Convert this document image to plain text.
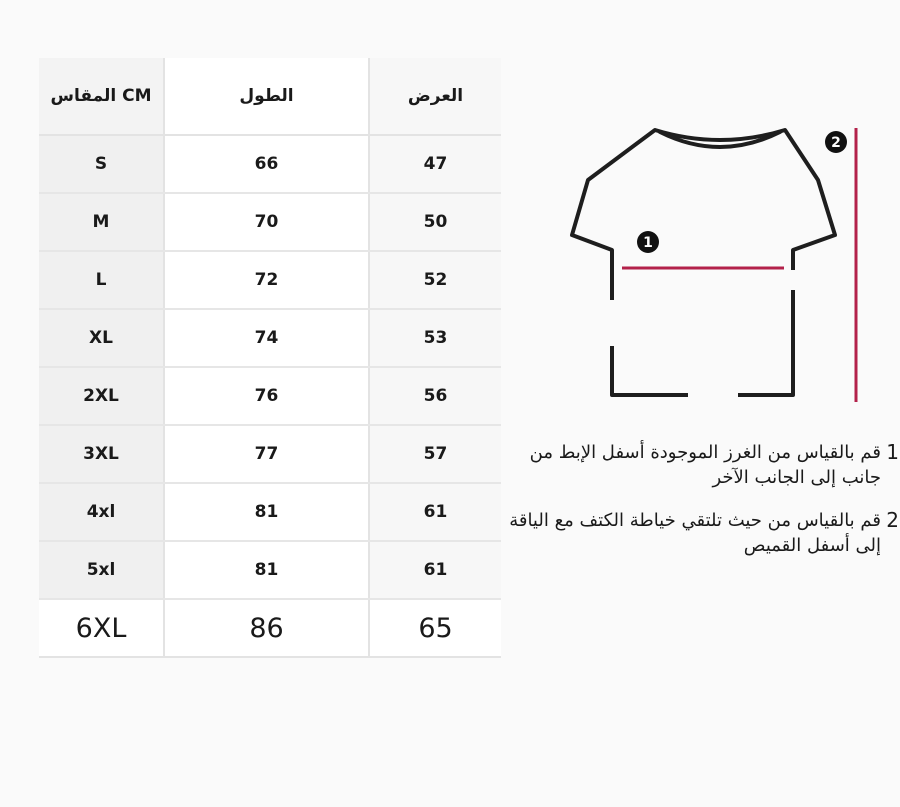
المقاس CM	الطول	العرض
S	66	47
M	70	50
L	72	52
XL	74	53
2XL	76	56
3XL	77	57
4xl	81	61
5xl	81	61
6XL	86	65
1
2
1
قم بالقياس من الغرز الموجودة أسفل الإبط من جانب إلى الجانب الآخر
2
قم بالقياس من حيث تلتقي خياطة الكتف مع الياقة إلى أسفل القميص
